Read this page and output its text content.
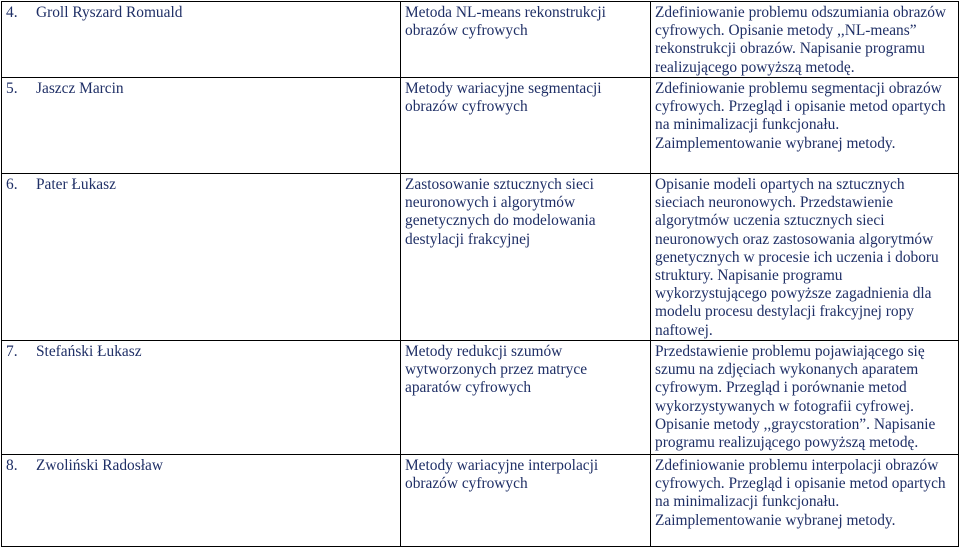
4. Groll Ryszard Romuald	Metoda NL-means rekonstrukcji obrazów cyfrowych	Zdefiniowanie problemu odszumiania obrazów cyfrowych. Opisanie metody ,,NL-means” rekonstrukcji obrazów. Napisanie programu realizującego powyższą metodę.
5. Jaszcz Marcin	Metody wariacyjne segmentacji obrazów cyfrowych	Zdefiniowanie problemu segmentacji obrazów cyfrowych. Przegląd i opisanie metod opartych na minimalizacji funkcjonału. Zaimplementowanie wybranej metody.
6. Pater Łukasz	Zastosowanie sztucznych sieci neuronowych i algorytmów genetycznych do modelowania destylacji frakcyjnej	Opisanie modeli opartych na sztucznych sieciach neuronowych. Przedstawienie algorytmów uczenia sztucznych sieci neuronowych oraz zastosowania algorytmów genetycznych w procesie ich uczenia i doboru struktury. Napisanie programu wykorzystującego powyższe zagadnienia dla modelu procesu destylacji frakcyjnej ropy naftowej.
7. Stefański Łukasz	Metody redukcji szumów wytworzonych przez matryce aparatów cyfrowych	Przedstawienie problemu pojawiającego się szumu na zdjęciach wykonanych aparatem cyfrowym. Przegląd i porównanie metod wykorzystywanych w fotografii cyfrowej. Opisanie metody ,,graycstoration”. Napisanie programu realizującego powyższą metodę.
8. Zwoliński Radosław	Metody wariacyjne interpolacji obrazów cyfrowych	Zdefiniowanie problemu interpolacji obrazów cyfrowych. Przegląd i opisanie metod opartych na minimalizacji funkcjonału. Zaimplementowanie wybranej metody.
